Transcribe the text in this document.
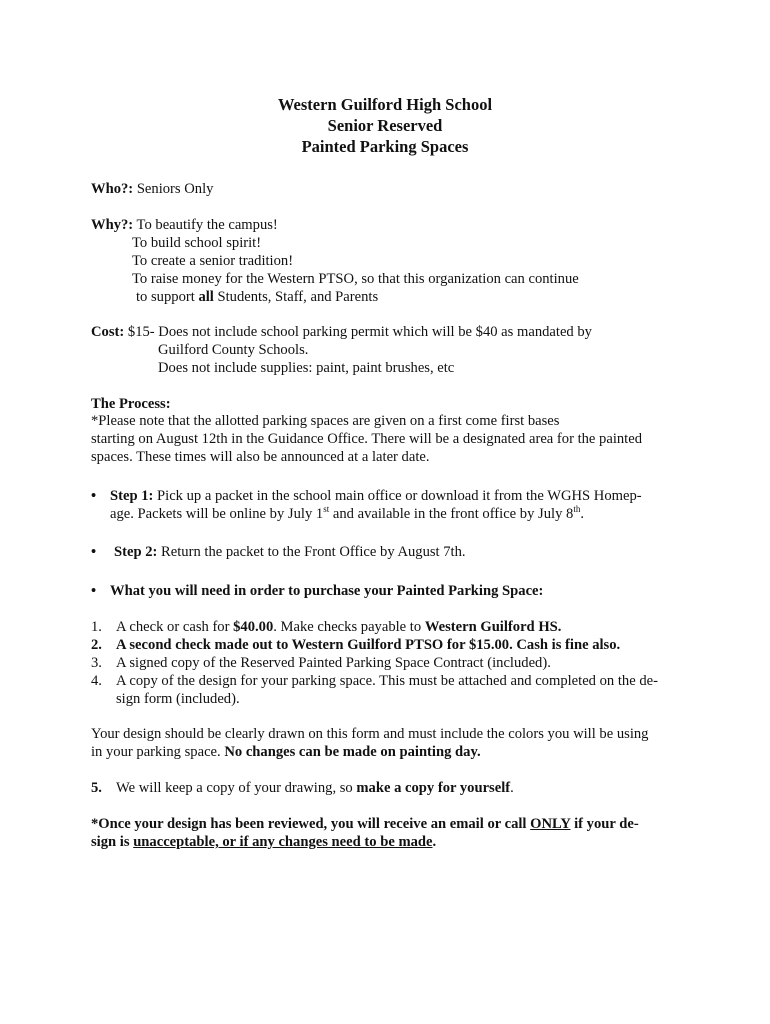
Western Guilford High School
Senior Reserved
Painted Parking Spaces
Who?: Seniors Only
Why?: To beautify the campus!
To build school spirit!
To create a senior tradition!
To raise money for the Western PTSO, so that this organization can continue
to support all Students, Staff, and Parents
Cost: $15- Does not include school parking permit which will be $40 as mandated by
Guilford County Schools.
Does not include supplies: paint, paint brushes, etc
The Process:
*Please note that the allotted parking spaces are given on a first come first bases
starting on August 12th in the Guidance Office. There will be a designated area for the painted
spaces. These times will also be announced at a later date.
• Step 1: Pick up a packet in the school main office or download it from the WGHS Homep-
age. Packets will be online by July 1st and available in the front office by July 8th.
• Step 2: Return the packet to the Front Office by August 7th.
• What you will need in order to purchase your Painted Parking Space:
1. A check or cash for $40.00. Make checks payable to Western Guilford HS.
2. A second check made out to Western Guilford PTSO for $15.00. Cash is fine also.
3. A signed copy of the Reserved Painted Parking Space Contract (included).
4. A copy of the design for your parking space. This must be attached and completed on the de-
sign form (included).
Your design should be clearly drawn on this form and must include the colors you will be using
in your parking space. No changes can be made on painting day.
5. We will keep a copy of your drawing, so make a copy for yourself.
*Once your design has been reviewed, you will receive an email or call ONLY if your de-
sign is unacceptable, or if any changes need to be made.
